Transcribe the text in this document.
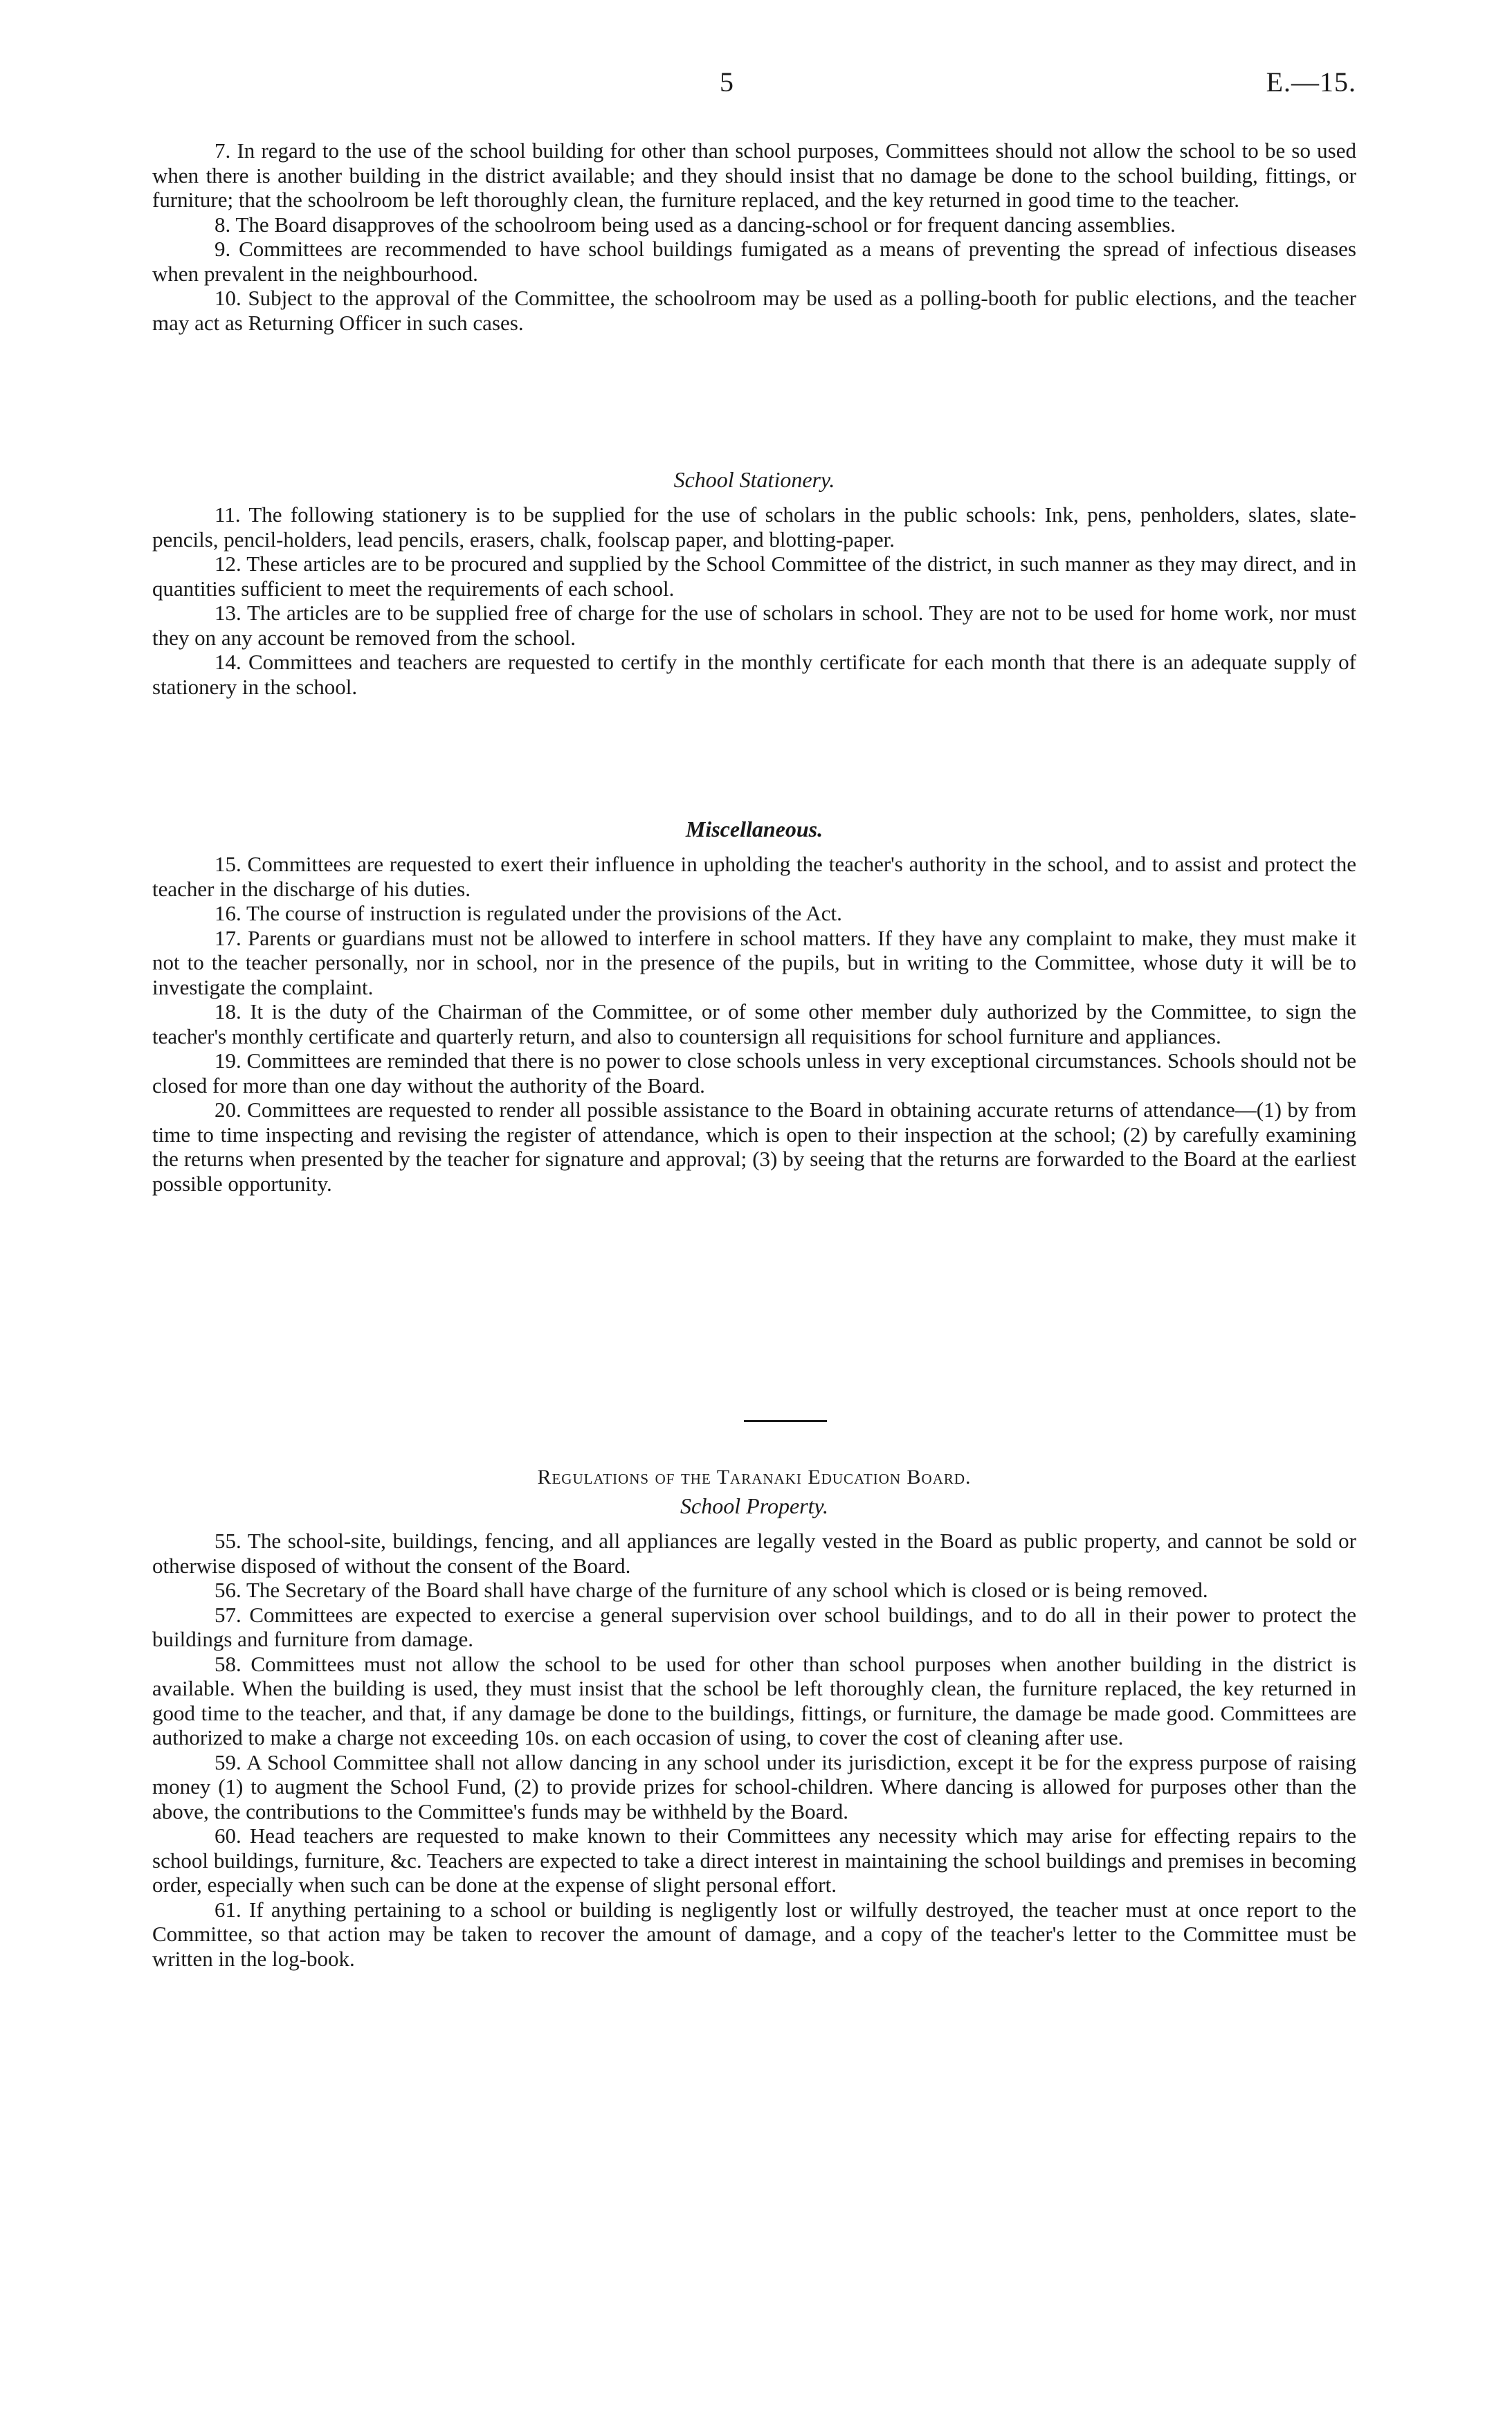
5	E.—15.

7. In regard to the use of the school building for other than school purposes, Committees should not allow the school to be so used when there is another building in the district available; and they should insist that no damage be done to the school building, fittings, or furniture; that the schoolroom be left thoroughly clean, the furniture replaced, and the key returned in good time to the teacher.

8. The Board disapproves of the schoolroom being used as a dancing-school or for frequent dancing assemblies.

9. Committees are recommended to have school buildings fumigated as a means of preventing the spread of infectious diseases when prevalent in the neighbourhood.

10. Subject to the approval of the Committee, the schoolroom may be used as a polling-booth for public elections, and the teacher may act as Returning Officer in such cases.

School Stationery.

11. The following stationery is to be supplied for the use of scholars in the public schools: Ink, pens, penholders, slates, slate-pencils, pencil-holders, lead pencils, erasers, chalk, foolscap paper, and blotting-paper.

12. These articles are to be procured and supplied by the School Committee of the district, in such manner as they may direct, and in quantities sufficient to meet the requirements of each school.

13. The articles are to be supplied free of charge for the use of scholars in school. They are not to be used for home work, nor must they on any account be removed from the school.

14. Committees and teachers are requested to certify in the monthly certificate for each month that there is an adequate supply of stationery in the school.

Miscellaneous.

15. Committees are requested to exert their influence in upholding the teacher's authority in the school, and to assist and protect the teacher in the discharge of his duties.

16. The course of instruction is regulated under the provisions of the Act.

17. Parents or guardians must not be allowed to interfere in school matters. If they have any complaint to make, they must make it not to the teacher personally, nor in school, nor in the presence of the pupils, but in writing to the Committee, whose duty it will be to investigate the complaint.

18. It is the duty of the Chairman of the Committee, or of some other member duly authorized by the Committee, to sign the teacher's monthly certificate and quarterly return, and also to countersign all requisitions for school furniture and appliances.

19. Committees are reminded that there is no power to close schools unless in very exceptional circumstances. Schools should not be closed for more than one day without the authority of the Board.

20. Committees are requested to render all possible assistance to the Board in obtaining accurate returns of attendance—(1) by from time to time inspecting and revising the register of attendance, which is open to their inspection at the school; (2) by carefully examining the returns when presented by the teacher for signature and approval; (3) by seeing that the returns are forwarded to the Board at the earliest possible opportunity.

Regulations of the Taranaki Education Board.

School Property.

55. The school-site, buildings, fencing, and all appliances are legally vested in the Board as public property, and cannot be sold or otherwise disposed of without the consent of the Board.

56. The Secretary of the Board shall have charge of the furniture of any school which is closed or is being removed.

57. Committees are expected to exercise a general supervision over school buildings, and to do all in their power to protect the buildings and furniture from damage.

58. Committees must not allow the school to be used for other than school purposes when another building in the district is available. When the building is used, they must insist that the school be left thoroughly clean, the furniture replaced, the key returned in good time to the teacher, and that, if any damage be done to the buildings, fittings, or furniture, the damage be made good. Committees are authorized to make a charge not exceeding 10s. on each occasion of using, to cover the cost of cleaning after use.

59. A School Committee shall not allow dancing in any school under its jurisdiction, except it be for the express purpose of raising money (1) to augment the School Fund, (2) to provide prizes for school-children. Where dancing is allowed for purposes other than the above, the contributions to the Committee's funds may be withheld by the Board.

60. Head teachers are requested to make known to their Committees any necessity which may arise for effecting repairs to the school buildings, furniture, &c. Teachers are expected to take a direct interest in maintaining the school buildings and premises in becoming order, especially when such can be done at the expense of slight personal effort.

61. If anything pertaining to a school or building is negligently lost or wilfully destroyed, the teacher must at once report to the Committee, so that action may be taken to recover the amount of damage, and a copy of the teacher's letter to the Committee must be written in the log-book.
